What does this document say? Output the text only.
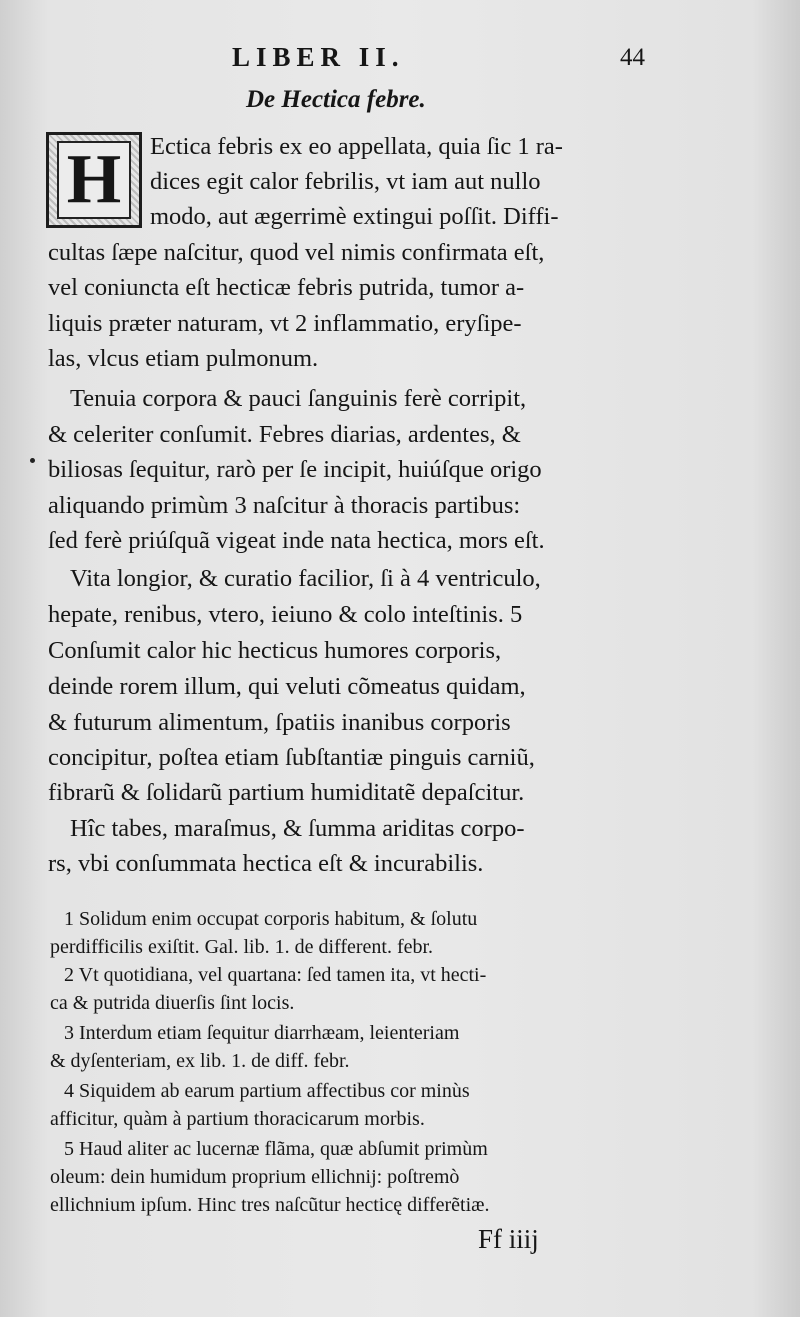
LIBER II.	44
De Hectica febre.
H	Ectica febris ex eo appellata, quia ſic 1 ra-
dices egit calor febrilis, vt iam aut nullo
modo, aut ægerrimè extingui poſſit. Diffi-
cultas ſæpe naſcitur, quod vel nimis confirmata eſt,
vel coniuncta eſt hecticæ febris putrida, tumor a-
liquis præter naturam, vt 2 inflammatio, eryſipe-
las, vlcus etiam pulmonum.
Tenuia corpora & pauci ſanguinis ferè corripit,
& celeriter conſumit. Febres diarias, ardentes, &
biliosas ſequitur, rarò per ſe incipit, huiúſque origo
aliquando primùm 3 naſcitur à thoracis partibus:
ſed ferè priúſquã vigeat inde nata hectica, mors eſt.
Vita longior, & curatio facilior, ſi à 4 ventriculo,
hepate, renibus, vtero, ieiuno & colo inteſtinis. 5
Conſumit calor hic hecticus humores corporis,
deinde rorem illum, qui veluti cõmeatus quidam,
& futurum alimentum, ſpatiis inanibus corporis
concipitur, poſtea etiam ſubſtantiæ pinguis carniũ,
fibrarũ & ſolidarũ partium humiditatẽ depaſcitur.
Hîc tabes, maraſmus, & ſumma ariditas corpo-
rs, vbi conſummata hectica eſt & incurabilis.
1 Solidum enim occupat corporis habitum, & ſolutu
perdifficilis exiſtit. Gal. lib. 1. de different. febr.
2 Vt quotidiana, vel quartana: ſed tamen ita, vt hecti-
ca & putrida diuerſis ſint locis.
3 Interdum etiam ſequitur diarrhæam, leienteriam
& dyſenteriam, ex lib. 1. de diff. febr.
4 Siquidem ab earum partium affectibus cor minùs
afficitur, quàm à partium thoracicarum morbis.
5 Haud aliter ac lucernæ flãma, quæ abſumit primùm
oleum: dein humidum proprium ellichnij: poſtremò
ellichnium ipſum. Hinc tres naſcũtur hecticę differẽtiæ.
Ff iiij
